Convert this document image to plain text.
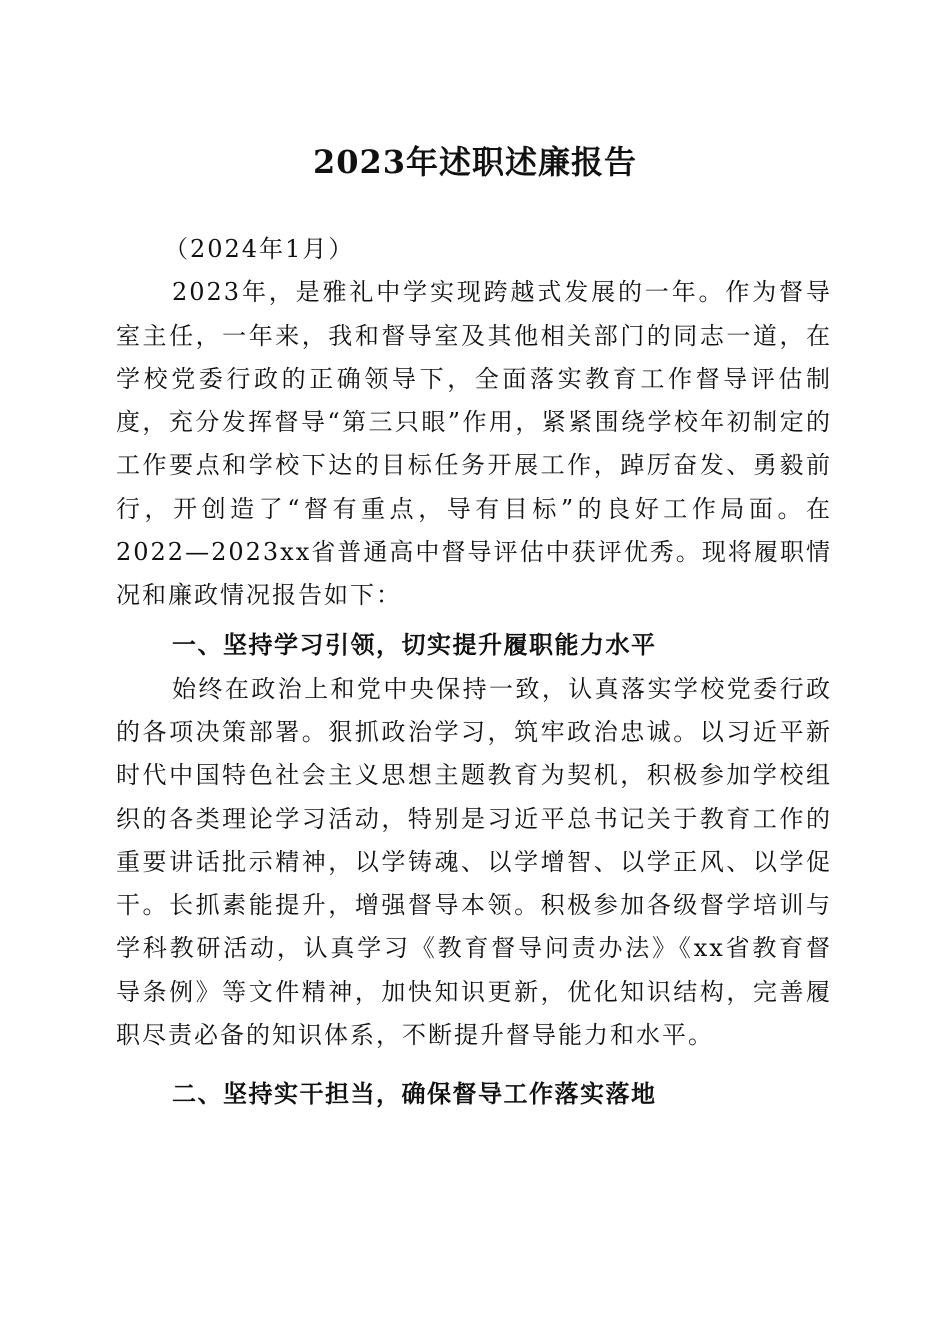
2023年述职述廉报告

（2024年1月）

2023年，是雅礼中学实现跨越式发展的一年。作为督导室主任，一年来，我和督导室及其他相关部门的同志一道，在学校党委行政的正确领导下，全面落实教育工作督导评估制度，充分发挥督导“第三只眼”作用，紧紧围绕学校年初制定的工作要点和学校下达的目标任务开展工作，踔厉奋发、勇毅前行，开创造了“督有重点，导有目标”的良好工作局面。在2022—2023xx省普通高中督导评估中获评优秀。现将履职情况和廉政情况报告如下：

一、坚持学习引领，切实提升履职能力水平

始终在政治上和党中央保持一致，认真落实学校党委行政的各项决策部署。狠抓政治学习，筑牢政治忠诚。以习近平新时代中国特色社会主义思想主题教育为契机，积极参加学校组织的各类理论学习活动，特别是习近平总书记关于教育工作的重要讲话批示精神，以学铸魂、以学增智、以学正风、以学促干。长抓素能提升，增强督导本领。积极参加各级督学培训与学科教研活动，认真学习《教育督导问责办法》《xx省教育督导条例》等文件精神，加快知识更新，优化知识结构，完善履职尽责必备的知识体系，不断提升督导能力和水平。

二、坚持实干担当，确保督导工作落实落地
